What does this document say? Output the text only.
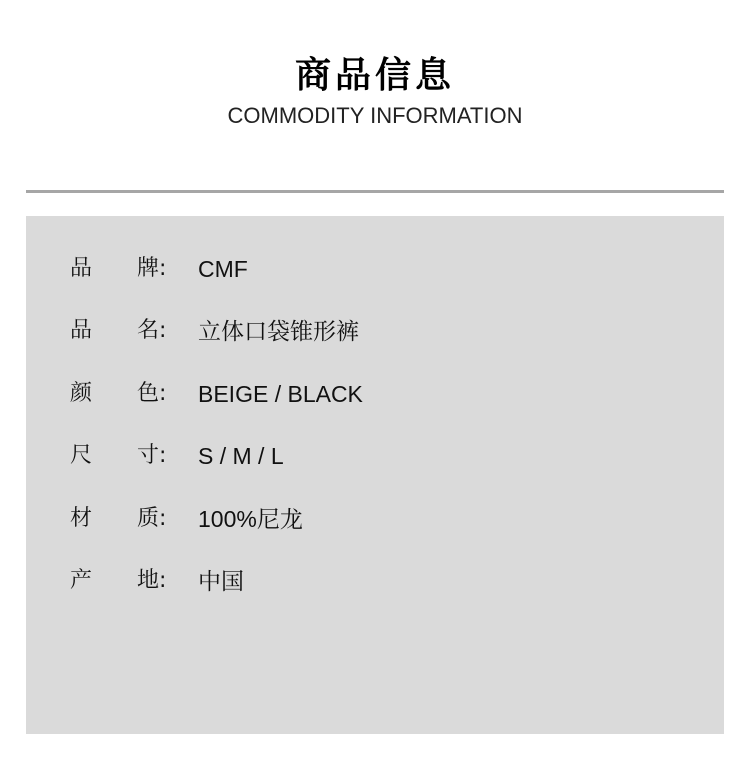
商品信息
COMMODITY INFORMATION
品 牌: CMF
品 名: 立体口袋锥形裤
颜 色: BEIGE / BLACK
尺 寸: S / M / L
材 质: 100%尼龙
产 地: 中国
